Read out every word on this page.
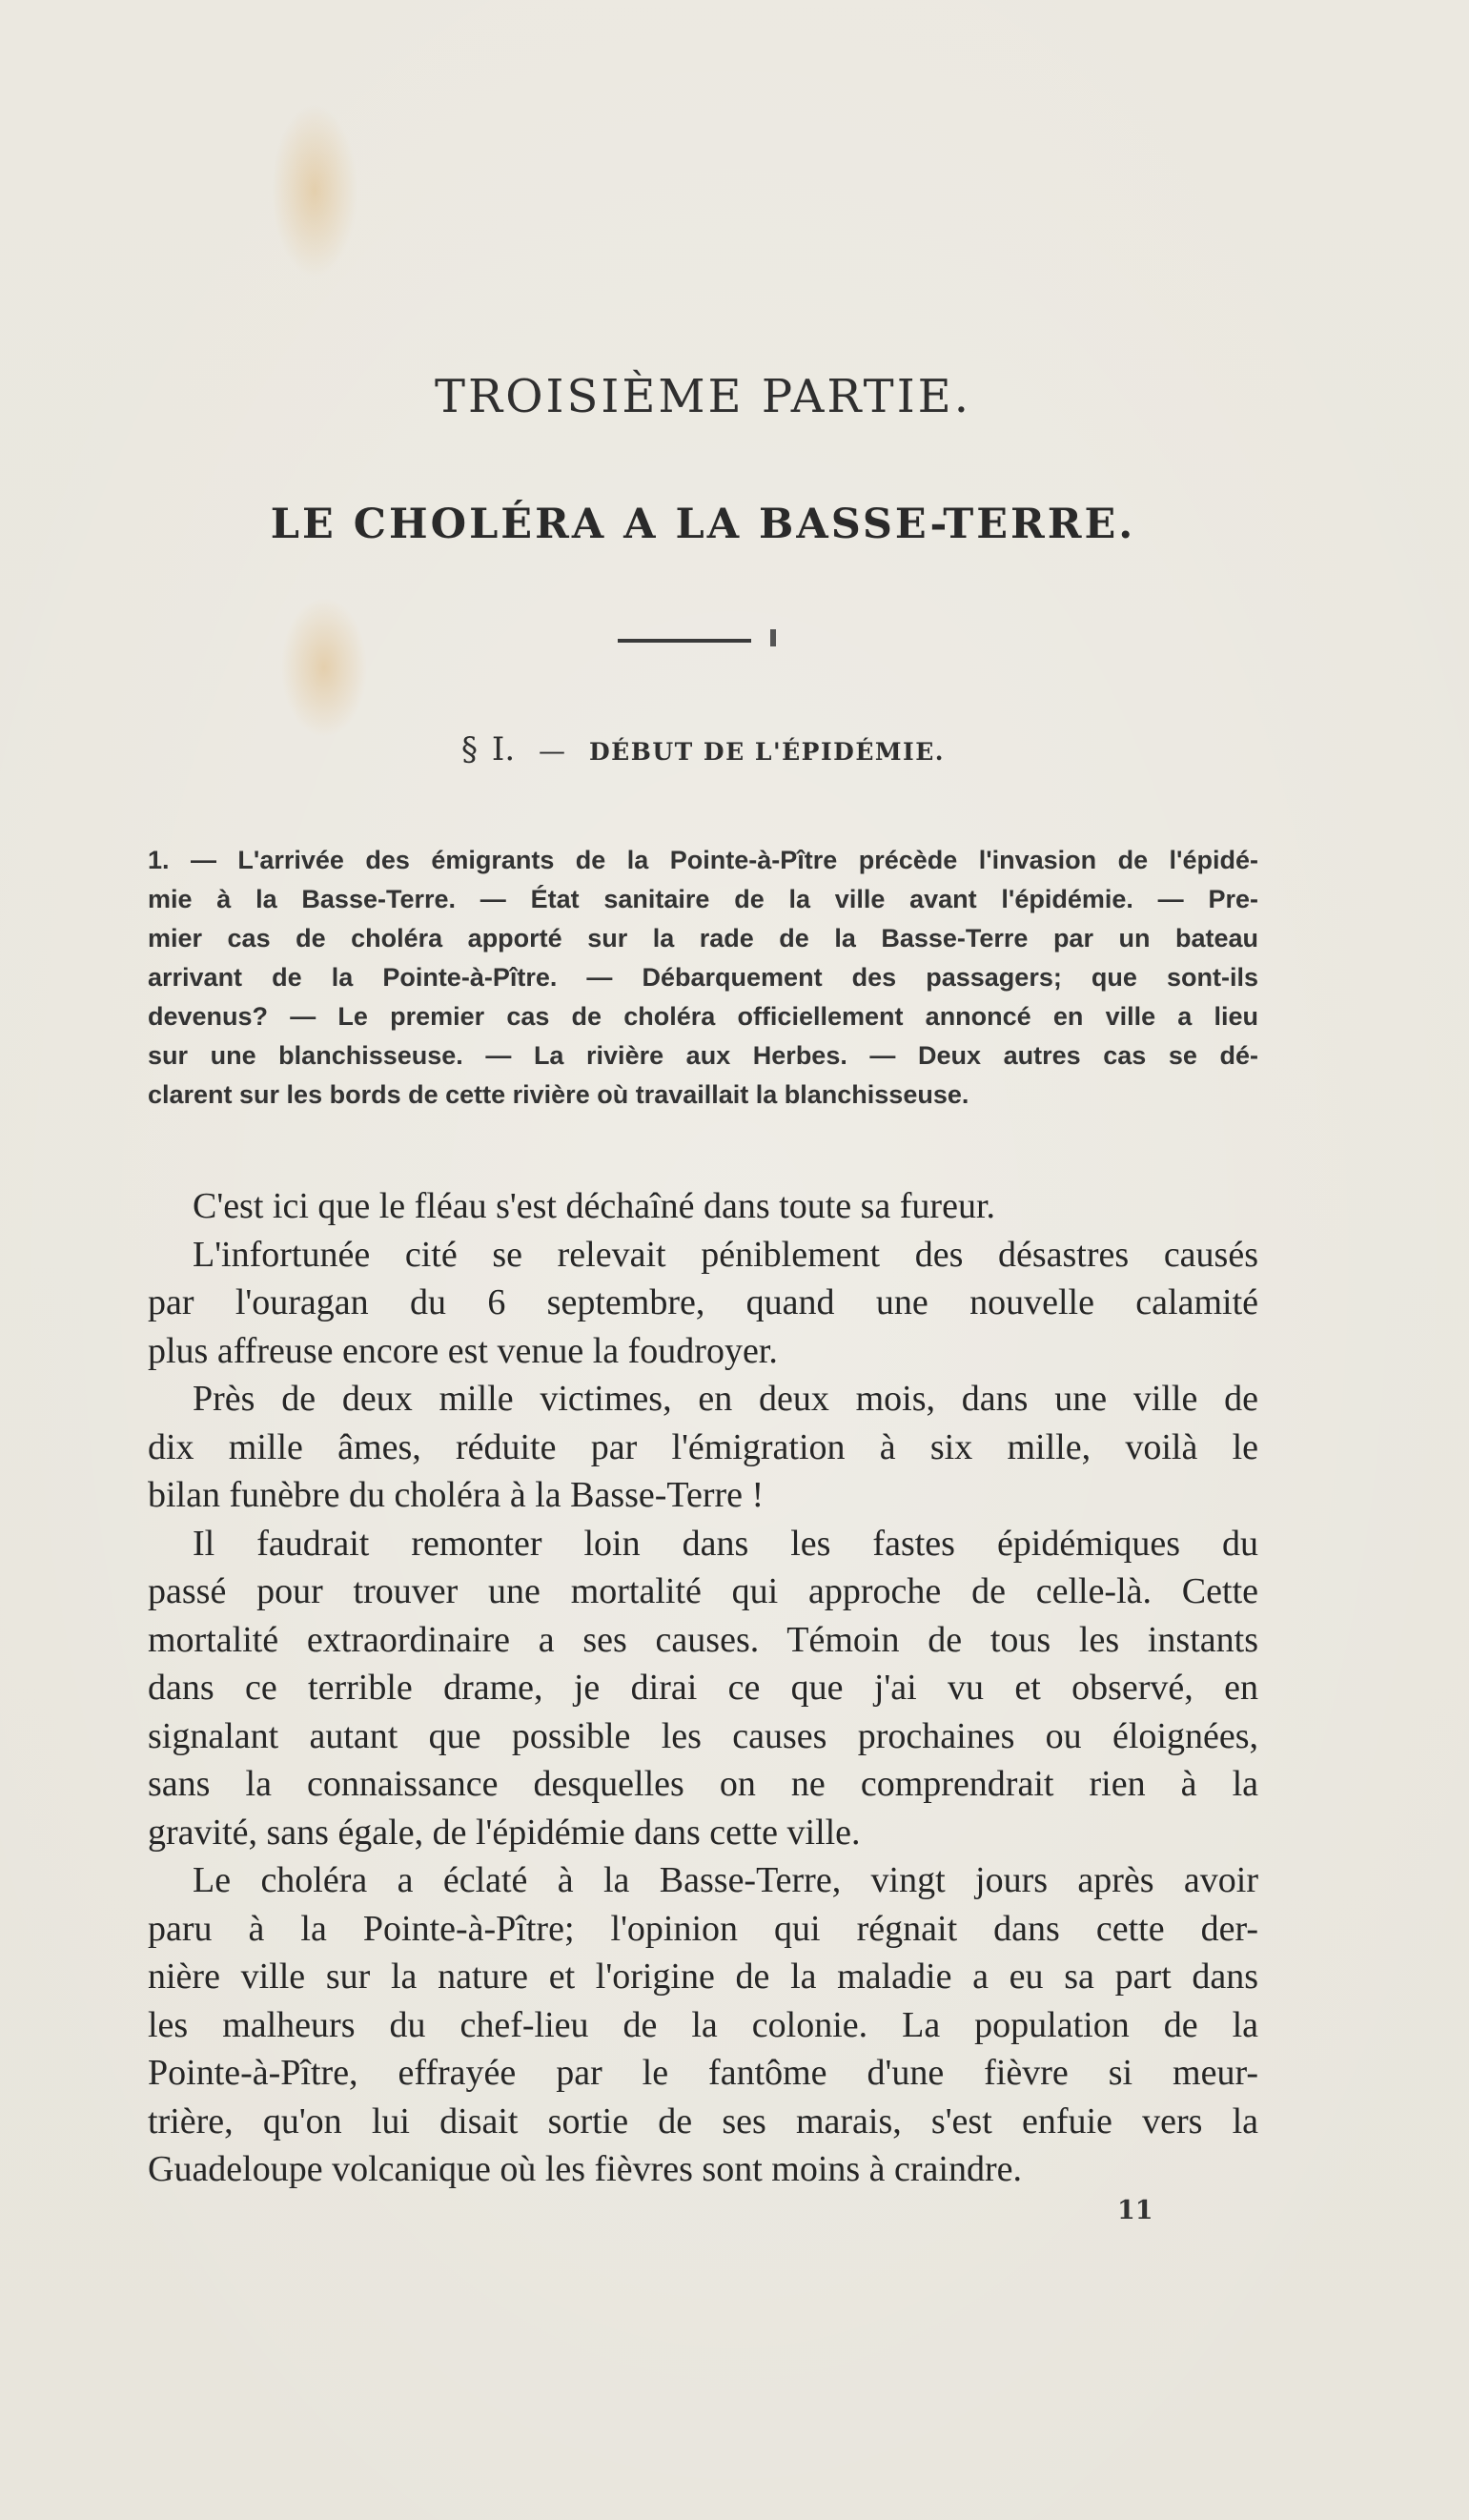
TROISIÈME PARTIE.
LE CHOLÉRA A LA BASSE-TERRE.
§ I. — DÉBUT DE L'ÉPIDÉMIE.
1. — L'arrivée des émigrants de la Pointe-à-Pître précède l'invasion de l'épidé-
mie à la Basse-Terre. — État sanitaire de la ville avant l'épidémie. — Pre-
mier cas de choléra apporté sur la rade de la Basse-Terre par un bateau
arrivant de la Pointe-à-Pître. — Débarquement des passagers; que sont-ils
devenus? — Le premier cas de choléra officiellement annoncé en ville a lieu
sur une blanchisseuse. — La rivière aux Herbes. — Deux autres cas se dé-
clarent sur les bords de cette rivière où travaillait la blanchisseuse.

C'est ici que le fléau s'est déchaîné dans toute sa fureur.

L'infortunée cité se relevait péniblement des désastres causés
par l'ouragan du 6 septembre, quand une nouvelle calamité
plus affreuse encore est venue la foudroyer.

Près de deux mille victimes, en deux mois, dans une ville de
dix mille âmes, réduite par l'émigration à six mille, voilà le
bilan funèbre du choléra à la Basse-Terre !

Il faudrait remonter loin dans les fastes épidémiques du
passé pour trouver une mortalité qui approche de celle-là. Cette
mortalité extraordinaire a ses causes. Témoin de tous les instants
dans ce terrible drame, je dirai ce que j'ai vu et observé, en
signalant autant que possible les causes prochaines ou éloignées,
sans la connaissance desquelles on ne comprendrait rien à la
gravité, sans égale, de l'épidémie dans cette ville.

Le choléra a éclaté à la Basse-Terre, vingt jours après avoir
paru à la Pointe-à-Pître; l'opinion qui régnait dans cette der-
nière ville sur la nature et l'origine de la maladie a eu sa part dans
les malheurs du chef-lieu de la colonie. La population de la
Pointe-à-Pître, effrayée par le fantôme d'une fièvre si meur-
trière, qu'on lui disait sortie de ses marais, s'est enfuie vers la
Guadeloupe volcanique où les fièvres sont moins à craindre.

11
